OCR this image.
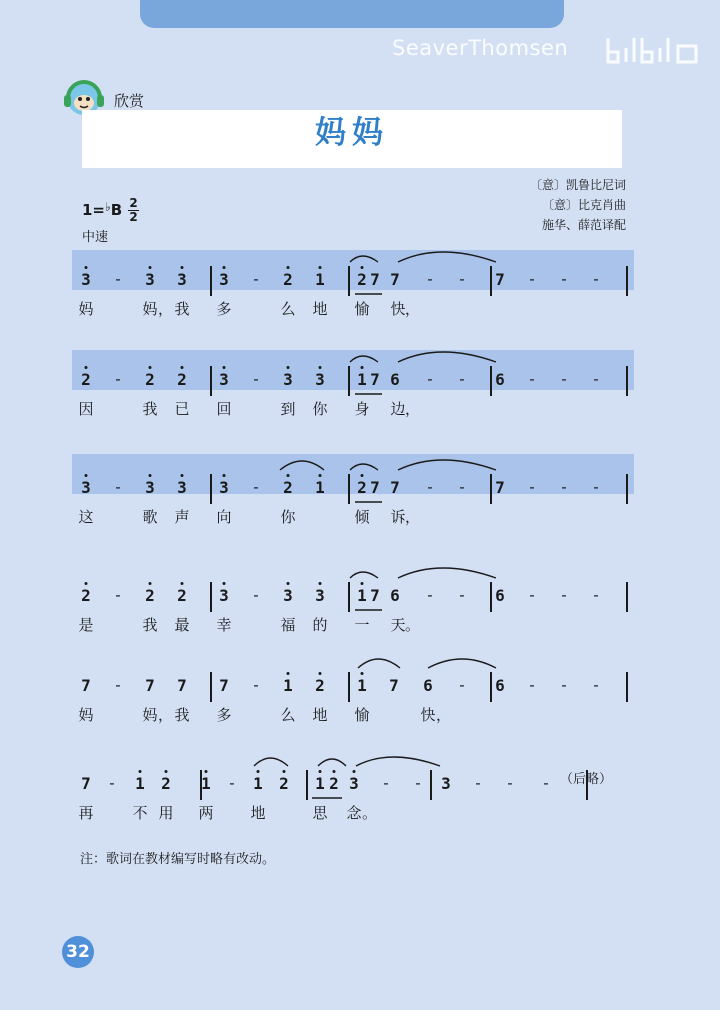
SeaverThomsen
欣赏
妈妈
〔意〕凯鲁比尼词
〔意〕比克肖曲
施华、薛范译配
1=♭B 2
2
中速
3 - 3 3 3 - 2 1 2 7 7 - - 7 - - -
妈	妈 我 多	么 地 愉 快
2 - 2 2 3 - 3 3 1 7 6 - - 6 - - -
因	我 已 回	到 你 身 边
3 - 3 3 3 - 2 1 2 7 7 - - 7 - - -
这	歌 声 向	你	倾 诉
2 - 2 2 3 - 3 3 1 7 6 - - 6 - - -
是	我 最 幸	福 的 一 天
7 - 7 7 7 - 1 2 1 7 6 - 6 - - -
妈	妈 我 多	么 地 愉	快
7 - 1 2 1 - 1 2 1 2 3 - - 3 - - -
再	不 用 两 地	思 念
，
，
，
。
，
。
，
，
（后略）
注：歌词在教材编写时略有改动。
32
